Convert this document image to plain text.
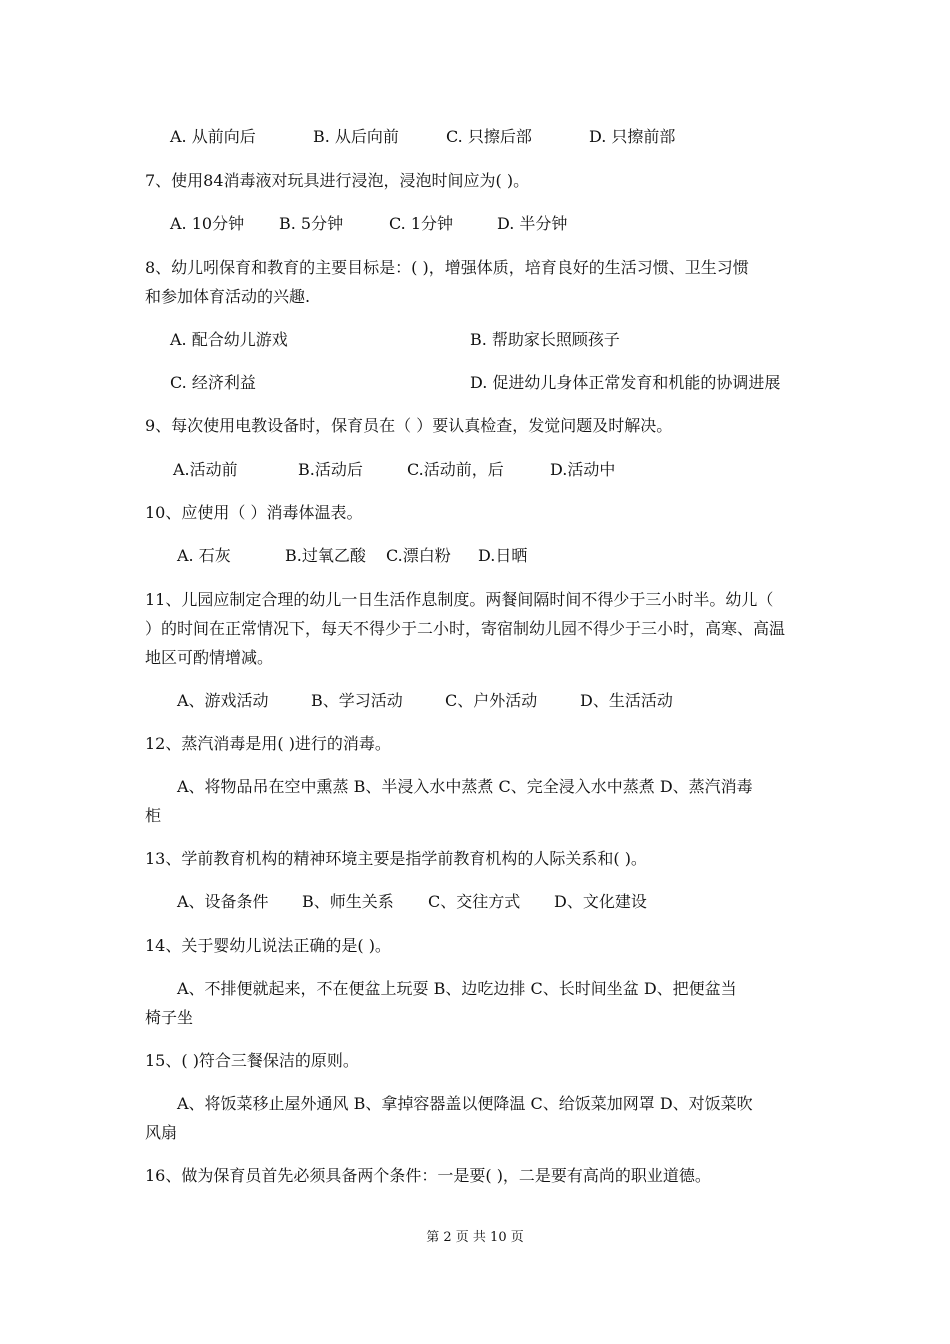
A. 从前向后	B. 从后向前	C. 只擦后部	D. 只擦前部
7、使用84消毒液对玩具进行浸泡，浸泡时间应为( )。
A. 10分钟 B. 5分钟	C. 1分钟	D. 半分钟
8、幼儿吲保育和教育的主要目标是：( )，增强体质，培育良好的生活习惯、卫生习惯
和参加体育活动的兴趣.
A. 配合幼儿游戏	B. 帮助家长照顾孩子
C. 经济利益	D. 促进幼儿身体正常发育和机能的协调进展
9、每次使用电教设备时，保育员在（ ）要认真检查，发觉问题及时解决。
A.活动前	B.活动后	C.活动前，后	D.活动中
10、应使用（ ）消毒体温表。
A. 石灰	B.过氧乙酸 C.漂白粉 D.日晒
11、儿园应制定合理的幼儿一日生活作息制度。两餐间隔时间不得少于三小时半。幼儿（
）的时间在正常情况下，每天不得少于二小时，寄宿制幼儿园不得少于三小时，高寒、高温
地区可酌情增减。
A、游戏活动	B、学习活动	C、户外活动	D、生活活动
12、蒸汽消毒是用( )进行的消毒。
A、将物品吊在空中熏蒸 B、半浸入水中蒸煮 C、完全浸入水中蒸煮 D、蒸汽消毒
柜
13、学前教育机构的精神环境主要是指学前教育机构的人际关系和( )。
A、设备条件 B、师生关系 C、交往方式 D、文化建设
14、关于婴幼儿说法正确的是( )。
A、不排便就起来，不在便盆上玩耍 B、边吃边排 C、长时间坐盆 D、把便盆当
椅子坐
15、( )符合三餐保洁的原则。
A、将饭菜移止屋外通风 B、拿掉容器盖以便降温 C、给饭菜加网罩 D、对饭菜吹
风扇
16、做为保育员首先必须具备两个条件：一是要( )，二是要有高尚的职业道德。
第 2 页 共 10 页
